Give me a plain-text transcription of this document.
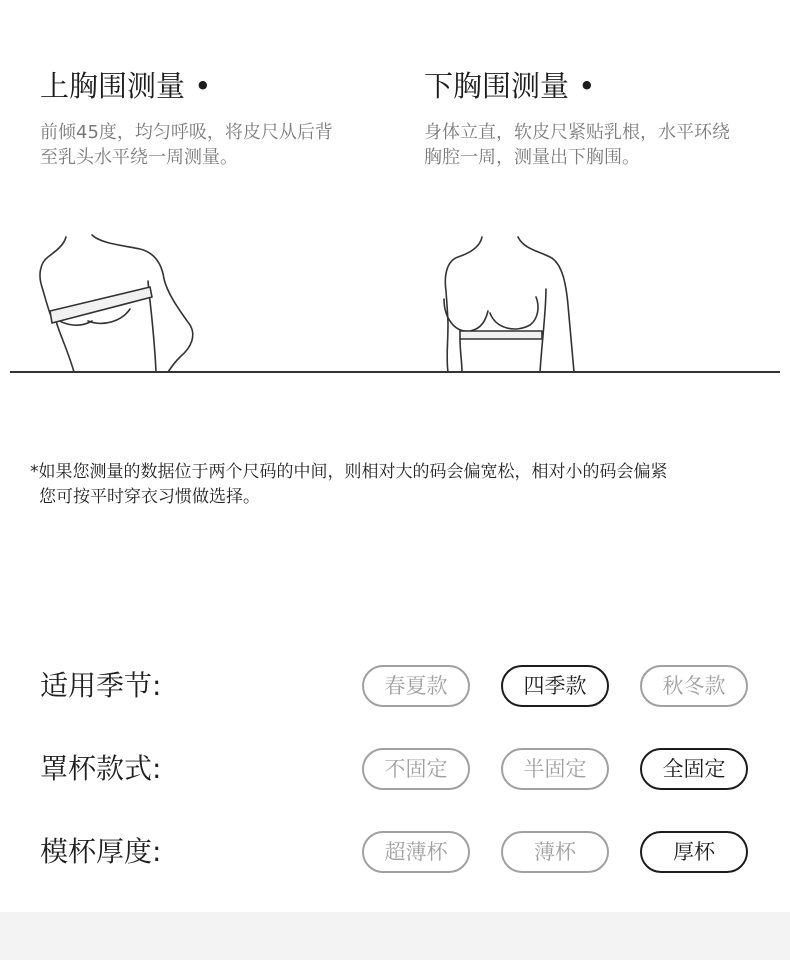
上胸围测量 •
前倾45度，均匀呼吸，将皮尺从后背
至乳头水平绕一周测量。
下胸围测量 •
身体立直，软皮尺紧贴乳根，水平环绕
胸腔一周，测量出下胸围。
*如果您测量的数据位于两个尺码的中间，则相对大的码会偏宽松，相对小的码会偏紧
您可按平时穿衣习惯做选择。
适用季节:	春夏款	四季款	秋冬款
罩杯款式:	不固定	半固定	全固定
模杯厚度:	超薄杯	薄杯	厚杯
